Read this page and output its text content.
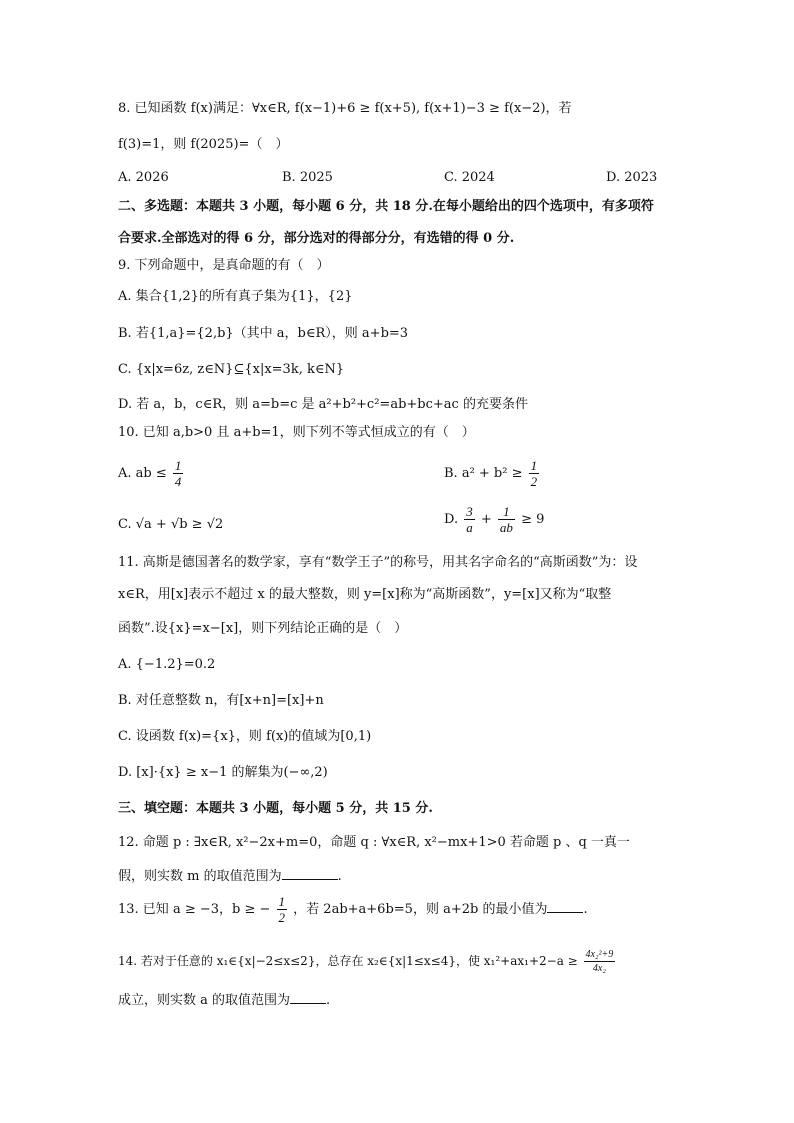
8. 已知函数 f(x)满足：∀x∈R, f(x−1)+6 ≥ f(x+5), f(x+1)−3 ≥ f(x−2)，若
f(3)=1，则 f(2025)=（　）
A. 2026	B. 2025	C. 2024	D. 2023
二、多选题：本题共 3 小题，每小题 6 分，共 18 分.在每小题给出的四个选项中，有多项符
合要求.全部选对的得 6 分，部分选对的得部分分，有选错的得 0 分.
9. 下列命题中，是真命题的有（　）
A. 集合{1,2}的所有真子集为{1}，{2}
B. 若{1,a}={2,b}（其中 a，b∈R），则 a+b=3
C. {x|x=6z, z∈N}⊆{x|x=3k, k∈N}
D. 若 a，b，c∈R，则 a=b=c 是 a²+b²+c²=ab+bc+ac 的充要条件
10. 已知 a,b>0 且 a+b=1，则下列不等式恒成立的有（　）
A. ab ≤ $\frac{1}{4}$	B. $a^2 + b^2 \ge \frac{1}{2}$
C. √a + √b ≥ √2	D. $\frac{3}{a} + \frac{1}{ab} \ge 9$
11. 高斯是德国著名的数学家，享有“数学王子”的称号，用其名字命名的“高斯函数”为：设
x∈R，用[x]表示不超过 x 的最大整数，则 y=[x]称为“高斯函数”，y=[x]又称为“取整
函数”.设{x}=x−[x]，则下列结论正确的是（　）
A. {−1.2}=0.2
B. 对任意整数 n，有[x+n]=[x]+n
C. 设函数 f(x)={x}，则 f(x)的值域为[0,1)
D. [x]·{x} ≥ x−1 的解集为(−∞,2)
三、填空题：本题共 3 小题，每小题 5 分，共 15 分.
12. 命题 p : ∃x∈R, x²−2x+m=0，命题 q : ∀x∈R, x²−mx+1>0 若命题 p 、q 一真一
假，则实数 m 的取值范围为	.
13. 已知 a ≥ −3，b ≥ − $\frac{1}{2}$ ，若 2ab+a+6b=5，则 a+2b 的最小值为	.
14. 若对于任意的 x₁∈{x|−2≤x≤2}，总存在 x₂∈{x|1≤x≤4}，使 $x_1^2+ax_1+2-a \ge \frac{\text{4x₂²+9}}{\text{4x₂}}$
成立，则实数 a 的取值范围为	.
